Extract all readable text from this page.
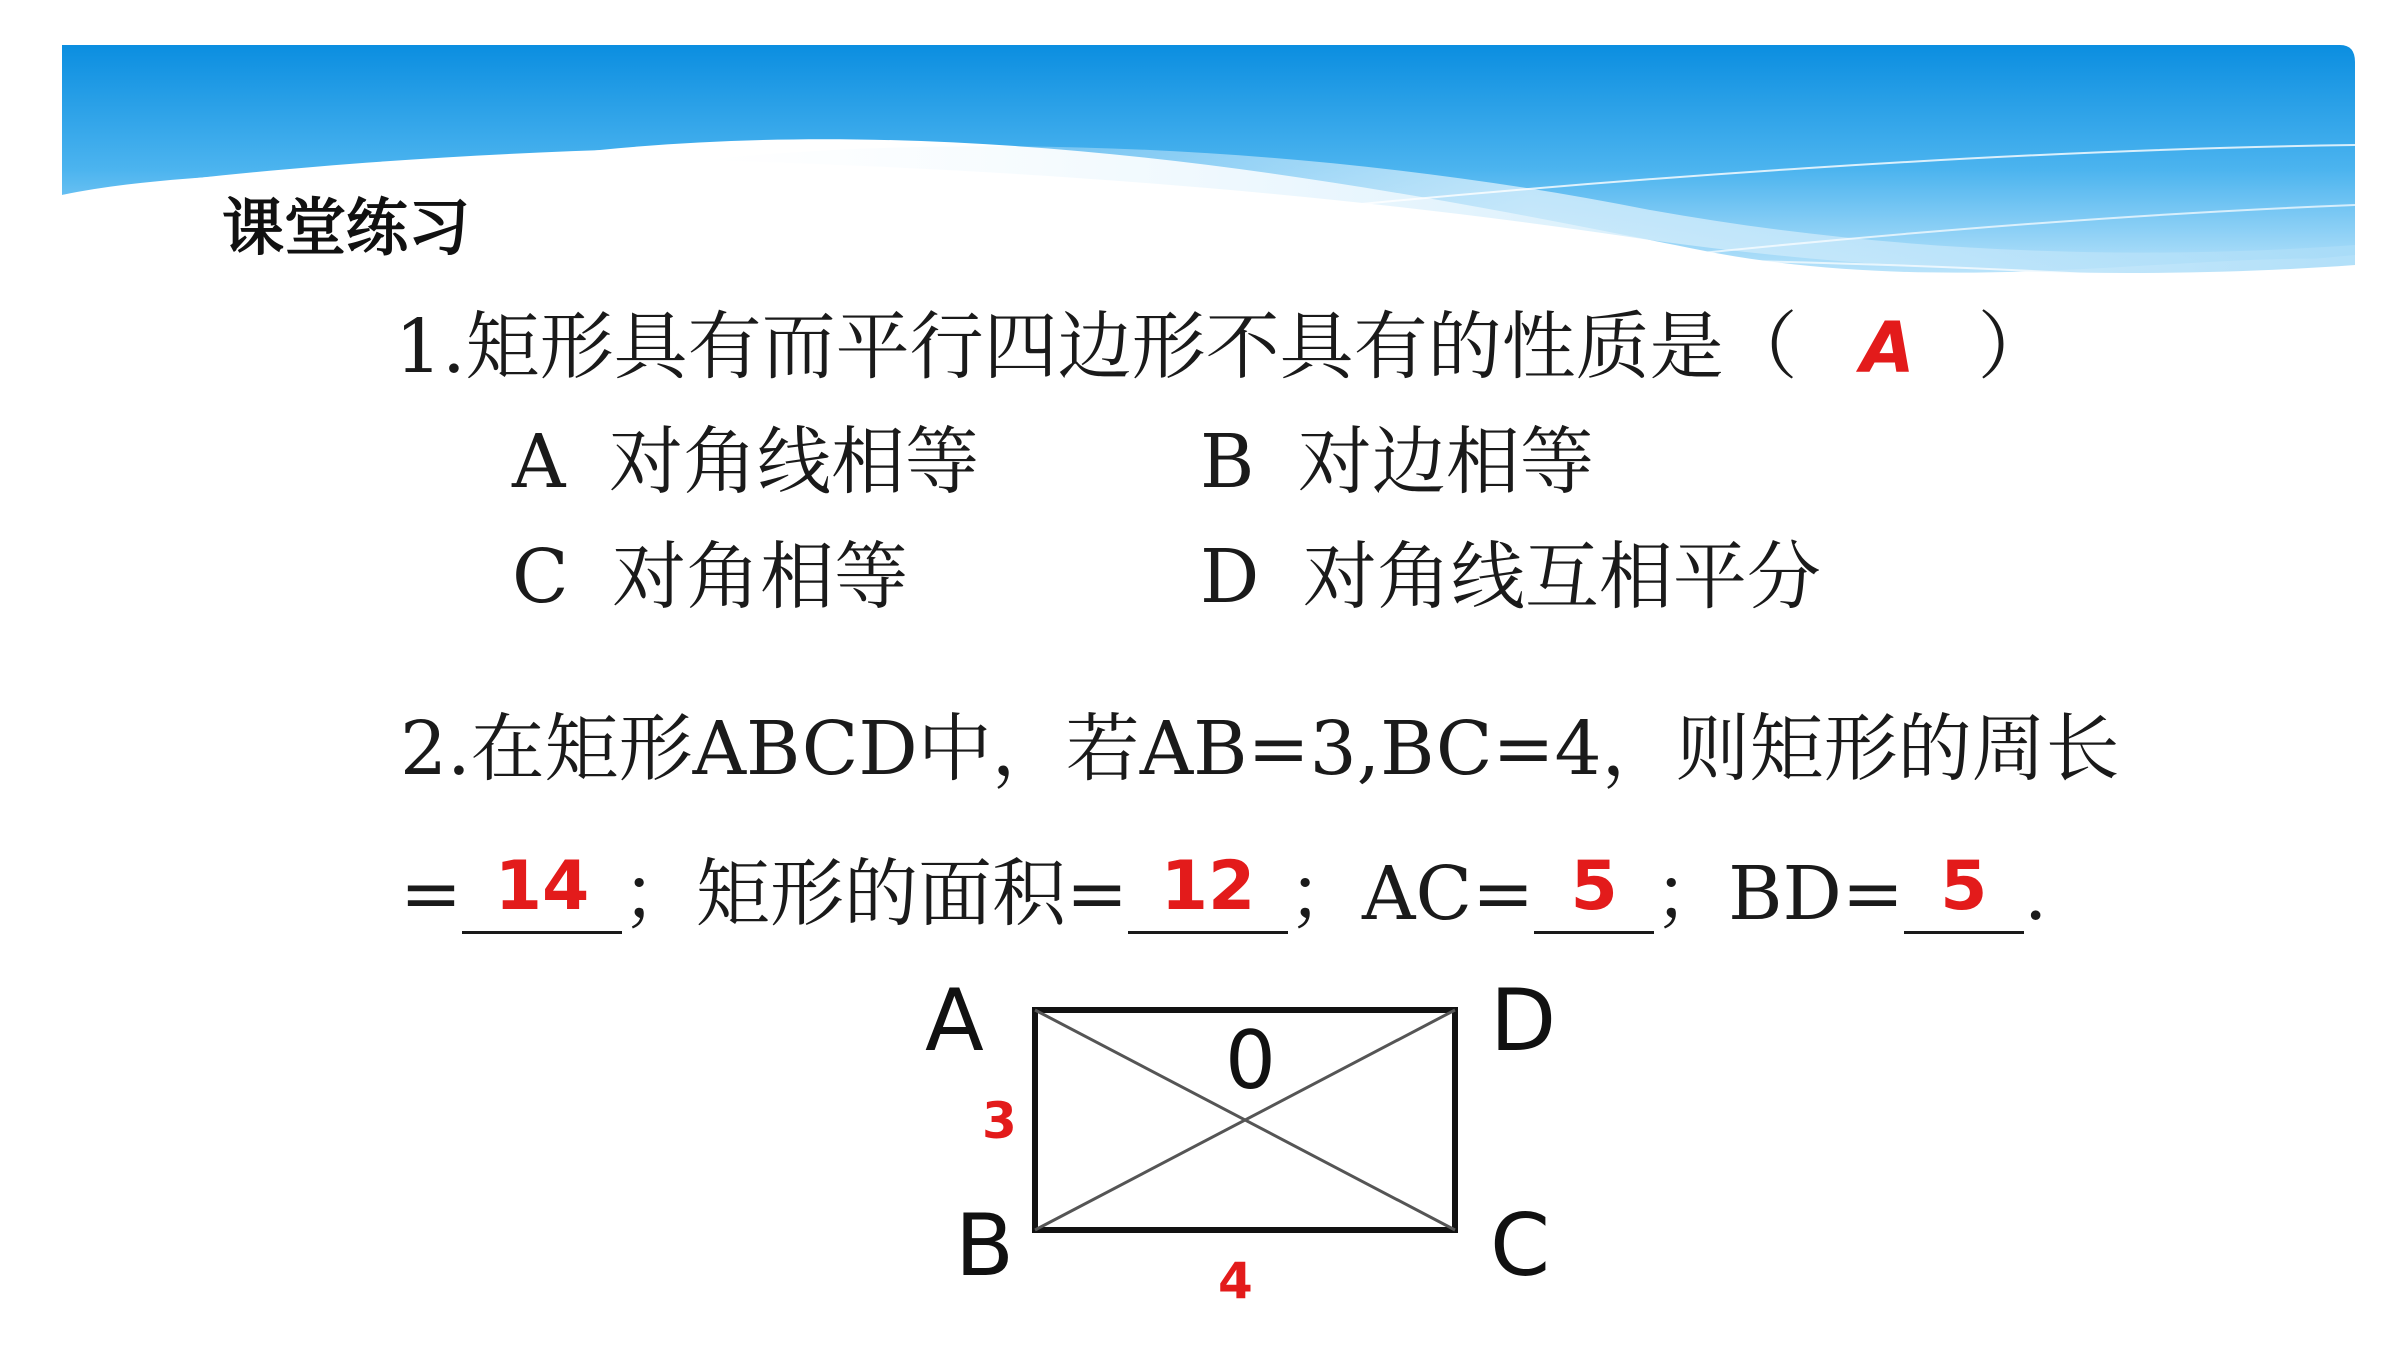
课堂练习
1.矩形具有而平行四边形不具有的性质是（ A ）
A 对角线相等	B 对边相等
C 对角相等	D 对角线互相平分
2.在矩形ABCD中，若AB=3,BC=4，则矩形的周长
= 14 ；矩形的面积= 12 ；AC= 5 ；BD= 5 .
A	D
B	C
0
3
4
